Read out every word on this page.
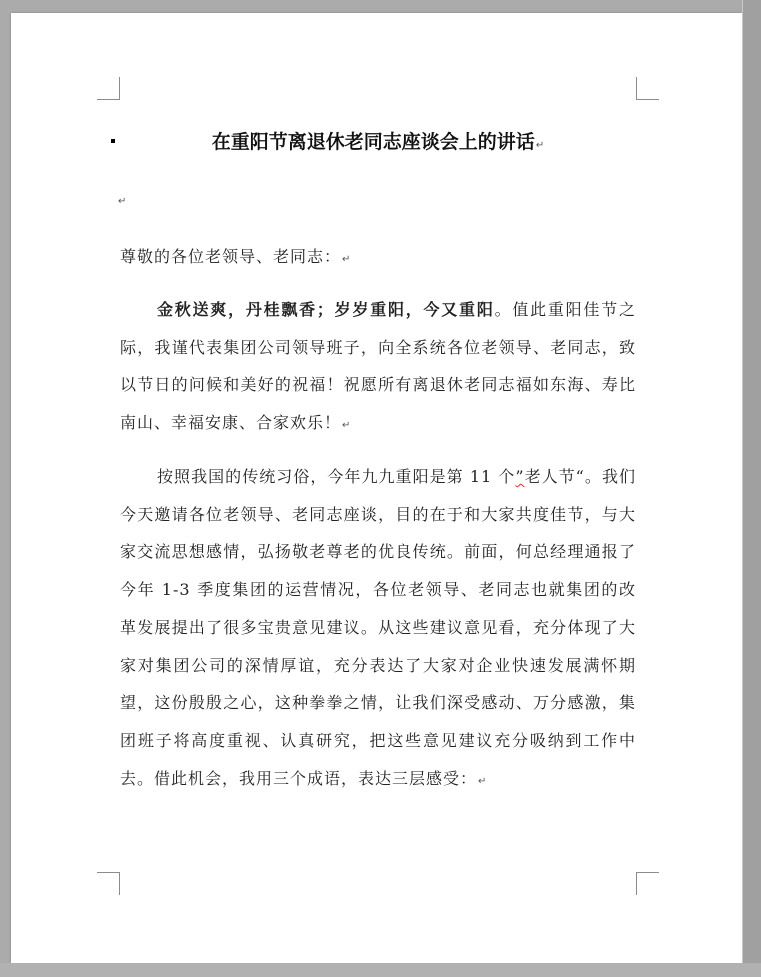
在重阳节离退休老同志座谈会上的讲话↵
↵
尊敬的各位老领导、老同志：↵
金秋送爽，丹桂飘香；岁岁重阳，今又重阳。值此重阳佳节之际，我谨代表集团公司领导班子，向全系统各位老领导、老同志，致以节日的问候和美好的祝福！祝愿所有离退休老同志福如东海、寿比南山、幸福安康、合家欢乐！↵
按照我国的传统习俗，今年九九重阳是第 11 个”老人节“。我们今天邀请各位老领导、老同志座谈，目的在于和大家共度佳节，与大家交流思想感情，弘扬敬老尊老的优良传统。前面，何总经理通报了今年 1-3 季度集团的运营情况，各位老领导、老同志也就集团的改革发展提出了很多宝贵意见建议。从这些建议意见看，充分体现了大家对集团公司的深情厚谊，充分表达了大家对企业快速发展满怀期望，这份殷殷之心，这种拳拳之情，让我们深受感动、万分感激，集团班子将高度重视、认真研究，把这些意见建议充分吸纳到工作中去。借此机会，我用三个成语，表达三层感受：↵
